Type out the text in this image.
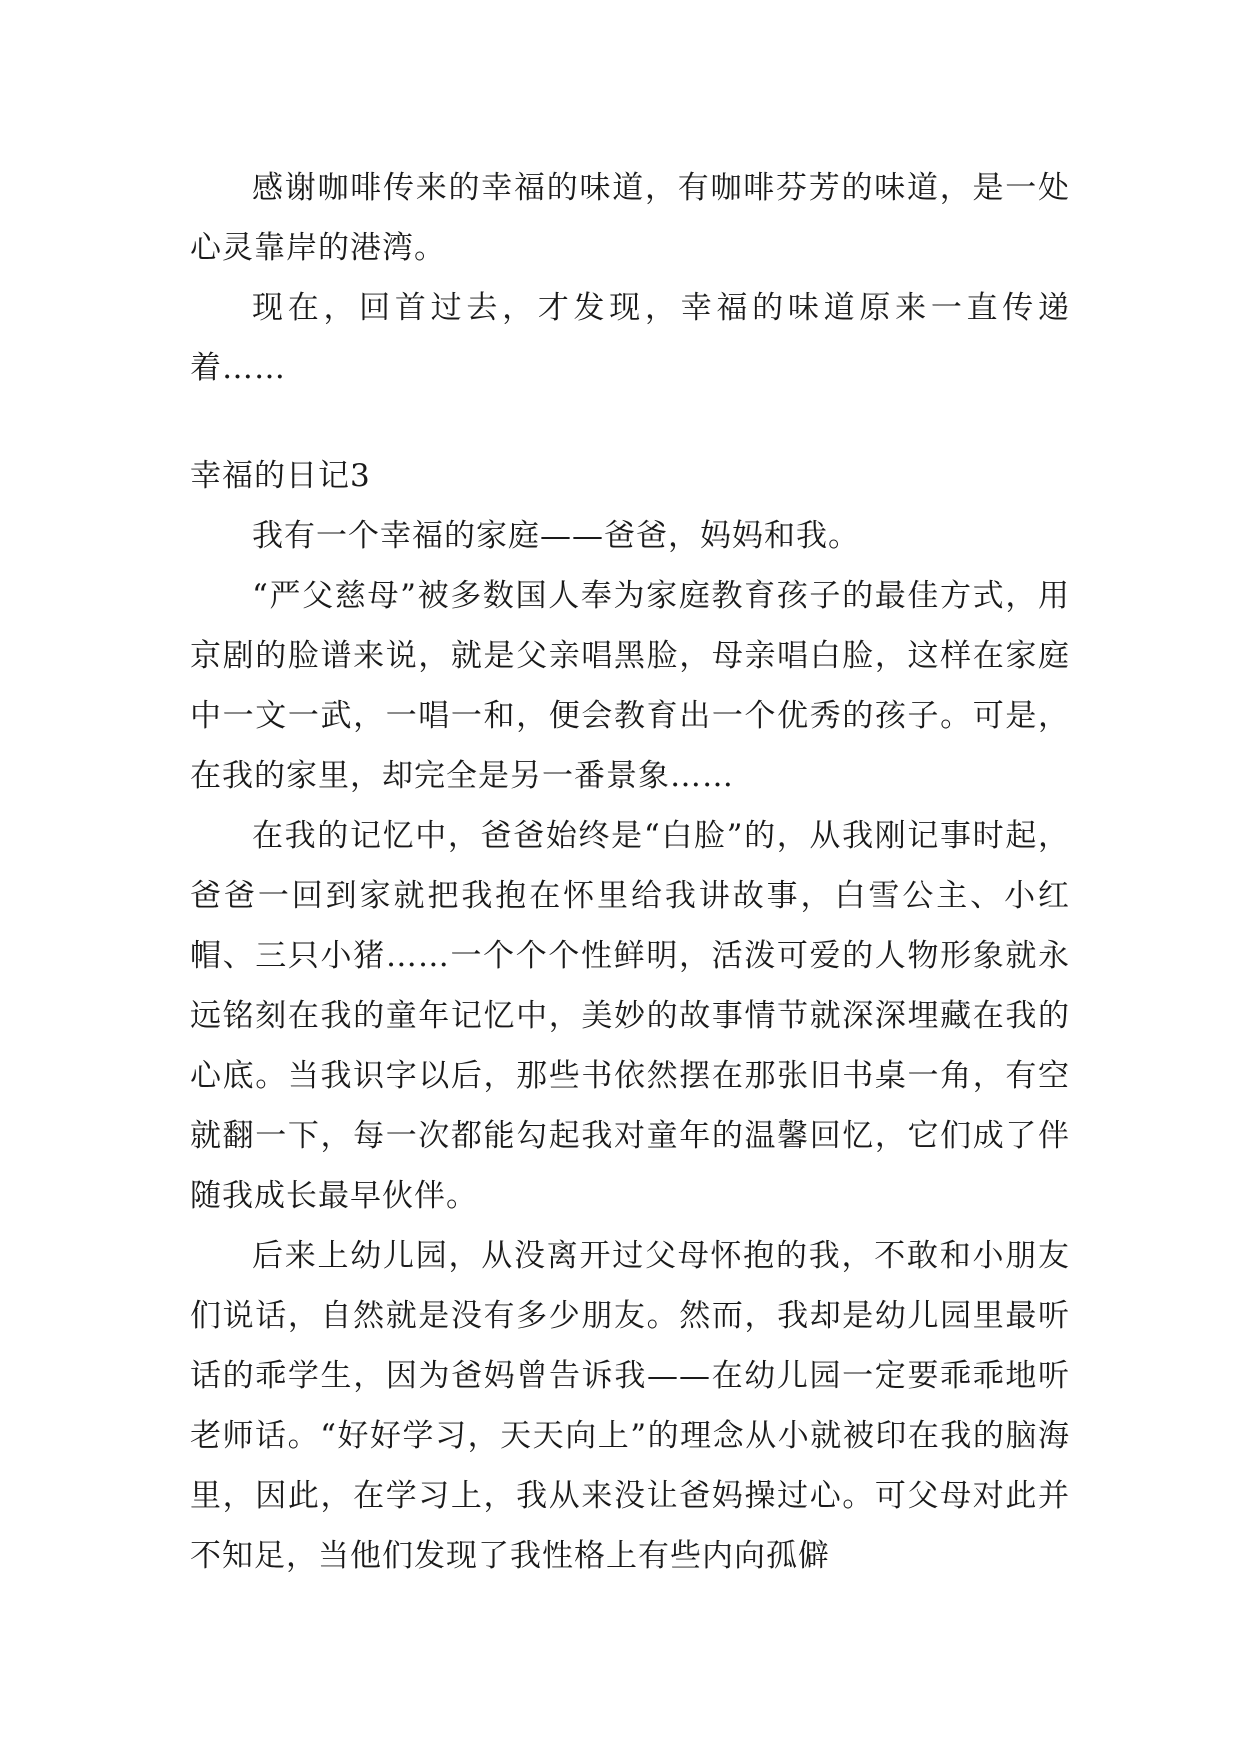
感谢咖啡传来的幸福的味道，有咖啡芬芳的味道，是一处心灵靠岸的港湾。

现在，回首过去，才发现，幸福的味道原来一直传递着……

幸福的日记3

我有一个幸福的家庭——爸爸，妈妈和我。

“严父慈母”被多数国人奉为家庭教育孩子的最佳方式，用京剧的脸谱来说，就是父亲唱黑脸，母亲唱白脸，这样在家庭中一文一武，一唱一和，便会教育出一个优秀的孩子。可是，在我的家里，却完全是另一番景象……

在我的记忆中，爸爸始终是“白脸”的，从我刚记事时起，爸爸一回到家就把我抱在怀里给我讲故事，白雪公主、小红帽、三只小猪……一个个个性鲜明，活泼可爱的人物形象就永远铭刻在我的童年记忆中，美妙的故事情节就深深埋藏在我的心底。当我识字以后，那些书依然摆在那张旧书桌一角，有空就翻一下，每一次都能勾起我对童年的温馨回忆，它们成了伴随我成长最早伙伴。

后来上幼儿园，从没离开过父母怀抱的我，不敢和小朋友们说话，自然就是没有多少朋友。然而，我却是幼儿园里最听话的乖学生，因为爸妈曾告诉我——在幼儿园一定要乖乖地听老师话。“好好学习，天天向上”的理念从小就被印在我的脑海里，因此，在学习上，我从来没让爸妈操过心。可父母对此并不知足，当他们发现了我性格上有些内向孤僻
